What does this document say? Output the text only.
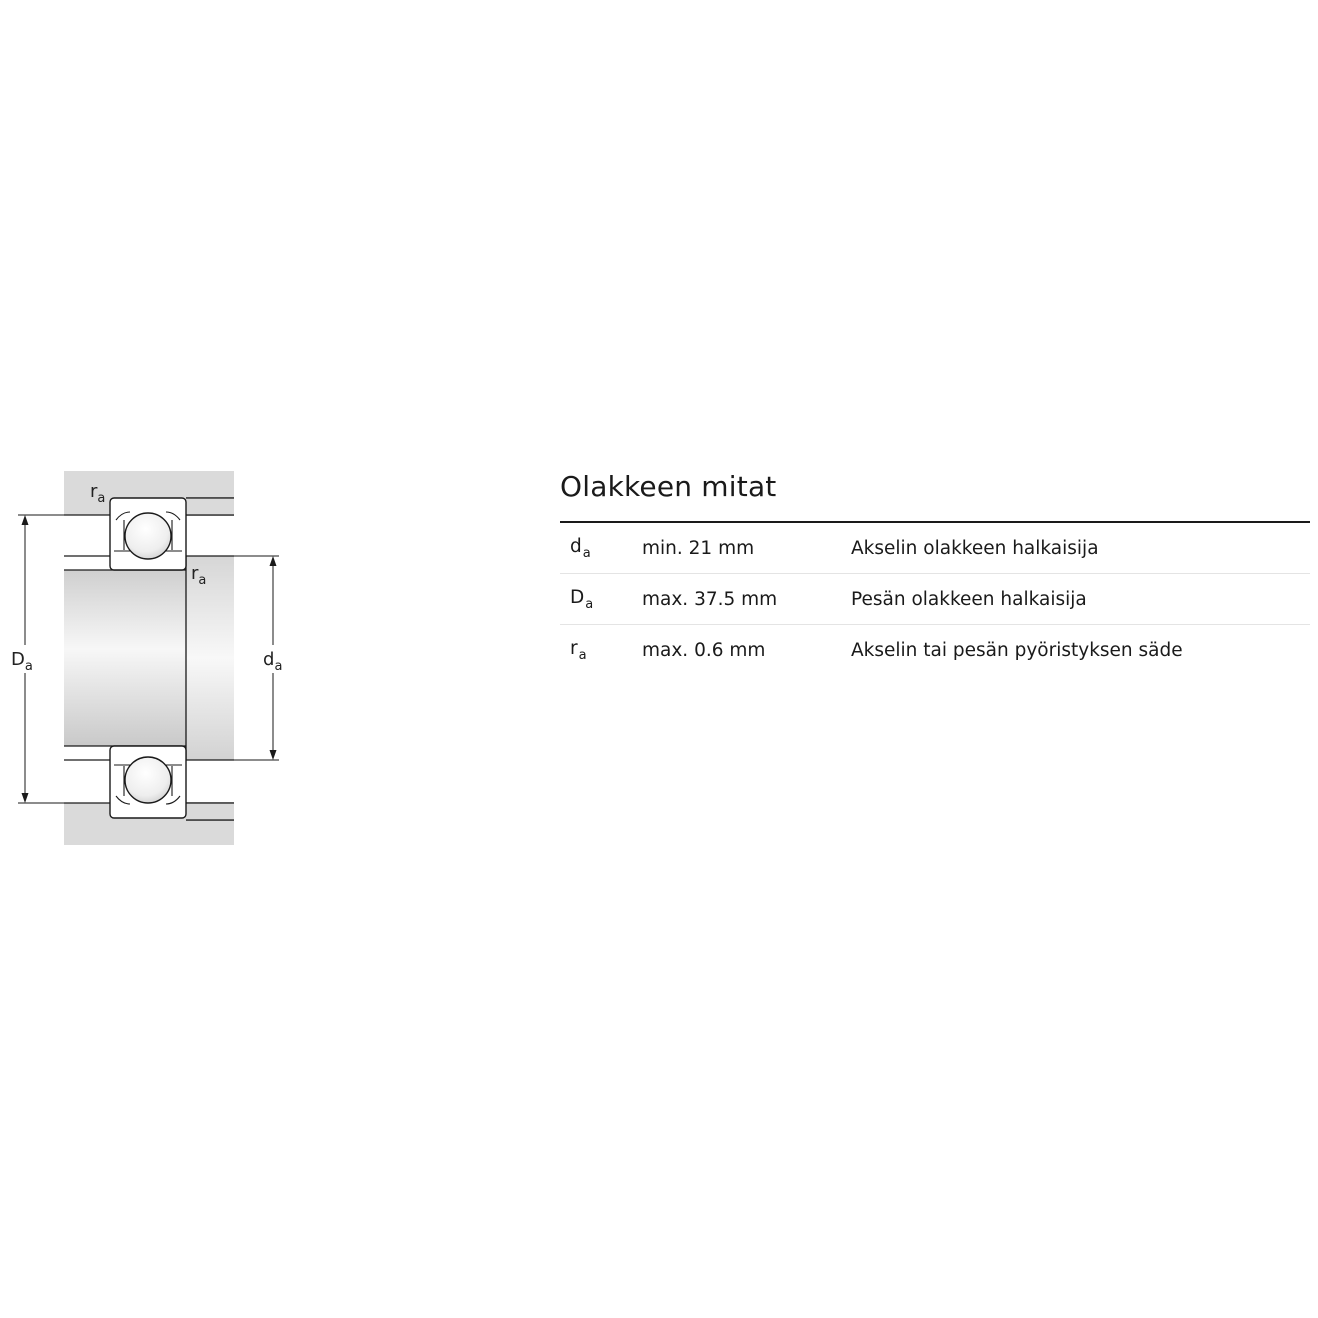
$r_a$
$r_a$
$D_a$	$d_a$
Olakkeen mitat
$d_a$	min. 21 mm	Akselin olakkeen halkaisija
$D_a$	max. 37.5 mm	Pesän olakkeen halkaisija
$r_a$	max. 0.6 mm	Akselin tai pesän pyöristyksen säde
